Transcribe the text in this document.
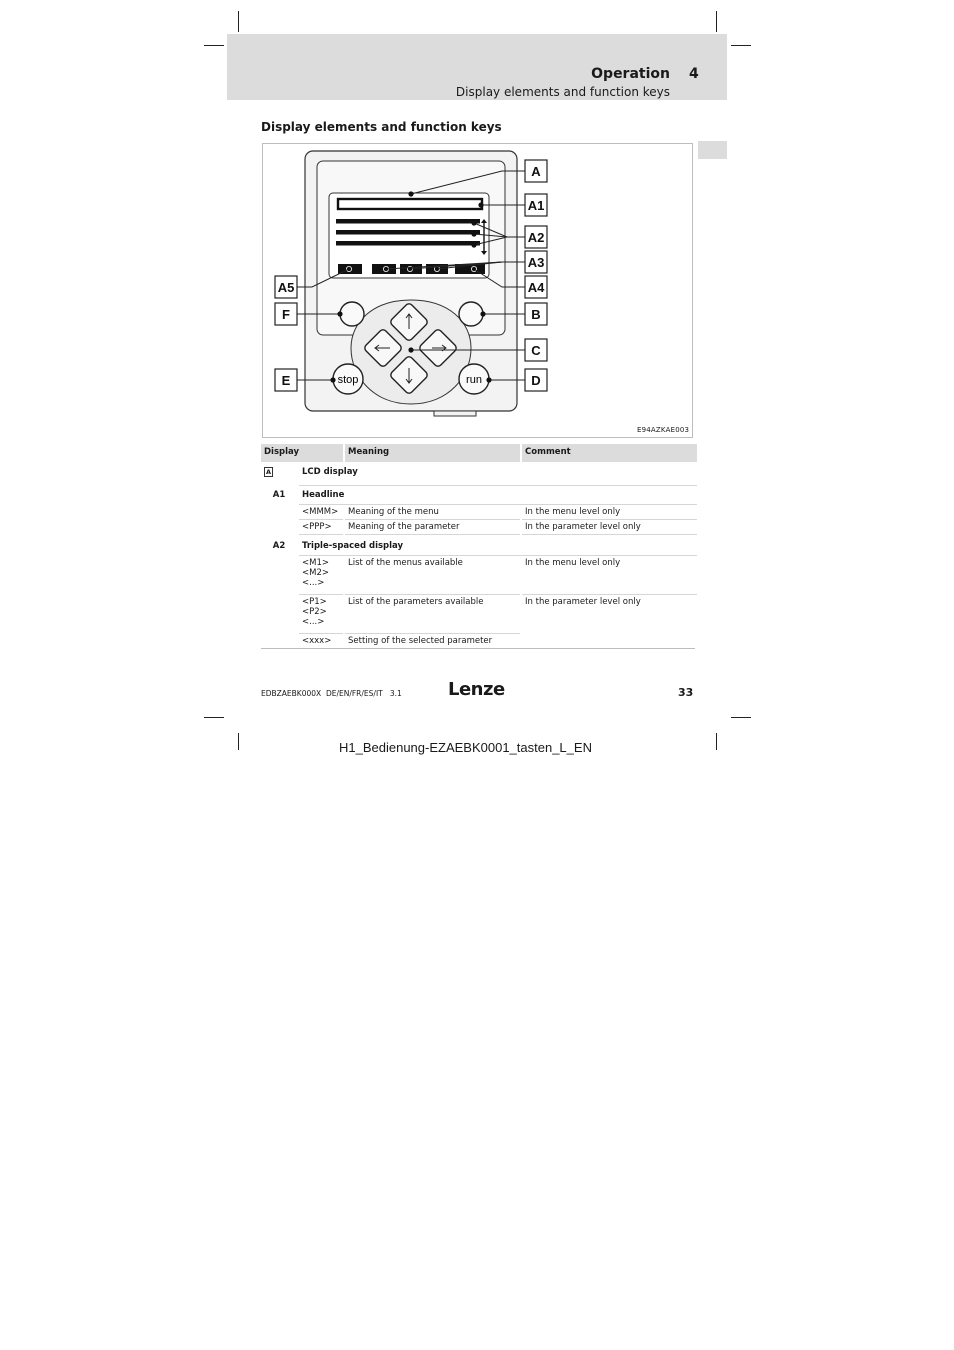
Operation 4
Display elements and function keys
Display elements and function keys
stop	run
A
A1
A2
A3
A4
A5
B
C
D
E
F
E94AZKAE003
Display		Meaning	Comment
A	LCD display		
A1	Headline		
	<MMM>	Meaning of the menu	In the menu level only
	<PPP>	Meaning of the parameter	In the parameter level only
A2	Triple-spaced display		

	<M1>
<M2>
<...>	List of the menus available	In the menu level only

	<P1>
<P2>
<...>	List of the parameters available	In the parameter level only
	<xxx>	Setting of the selected parameter	
EDBZAEBK000X  DE/EN/FR/ES/IT   3.1	Lenze	33
H1_Bedienung-EZAEBK0001_tasten_L_EN
